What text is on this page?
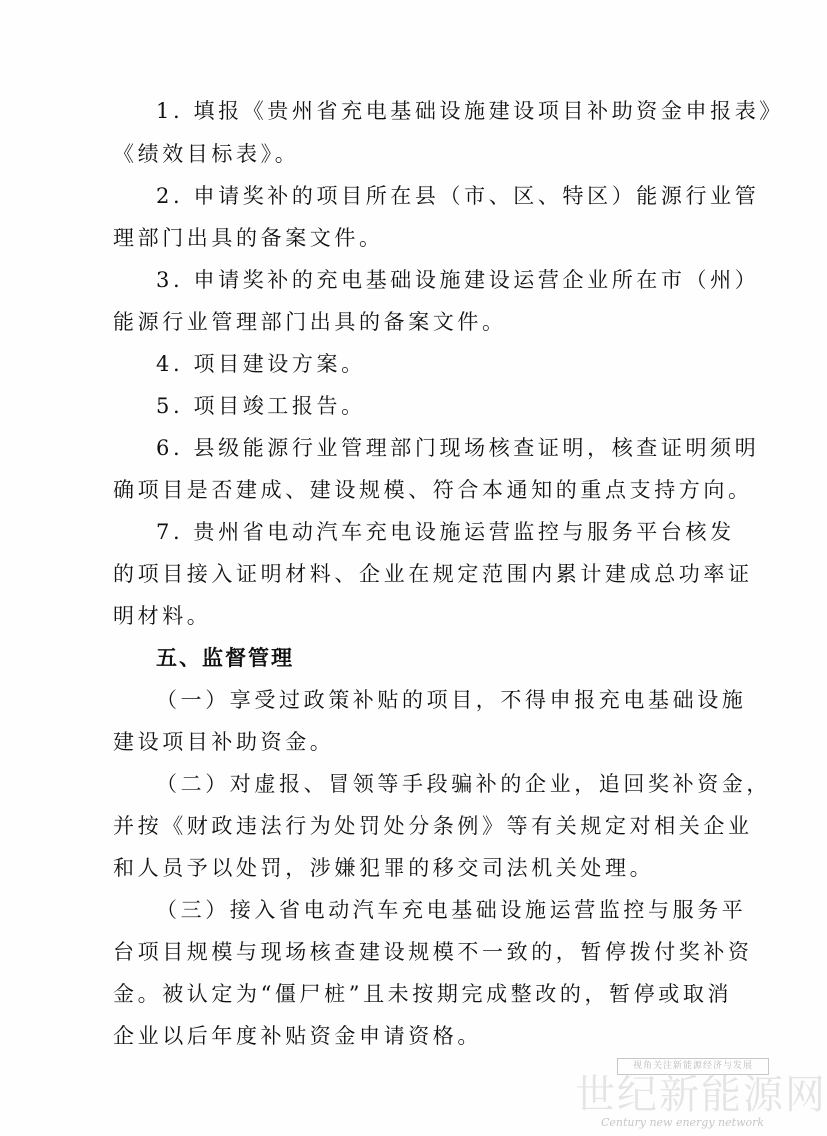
1. 填报《贵州省充电基础设施建设项目补助资金申报表》
《绩效目标表》。
2. 申请奖补的项目所在县（市、区、特区）能源行业管
理部门出具的备案文件。
3. 申请奖补的充电基础设施建设运营企业所在市（州）
能源行业管理部门出具的备案文件。
4. 项目建设方案。
5. 项目竣工报告。
6. 县级能源行业管理部门现场核查证明，核查证明须明
确项目是否建成、建设规模、符合本通知的重点支持方向。
7. 贵州省电动汽车充电设施运营监控与服务平台核发
的项目接入证明材料、企业在规定范围内累计建成总功率证
明材料。
五、监督管理
（一）享受过政策补贴的项目，不得申报充电基础设施
建设项目补助资金。
（二）对虚报、冒领等手段骗补的企业，追回奖补资金，
并按《财政违法行为处罚处分条例》等有关规定对相关企业
和人员予以处罚，涉嫌犯罪的移交司法机关处理。
（三）接入省电动汽车充电基础设施运营监控与服务平
台项目规模与现场核查建设规模不一致的，暂停拨付奖补资
金。被认定为“僵尸桩”且未按期完成整改的，暂停或取消
企业以后年度补贴资金申请资格。
视角关注新能源经济与发展
世纪新能源网
Century new energy network
